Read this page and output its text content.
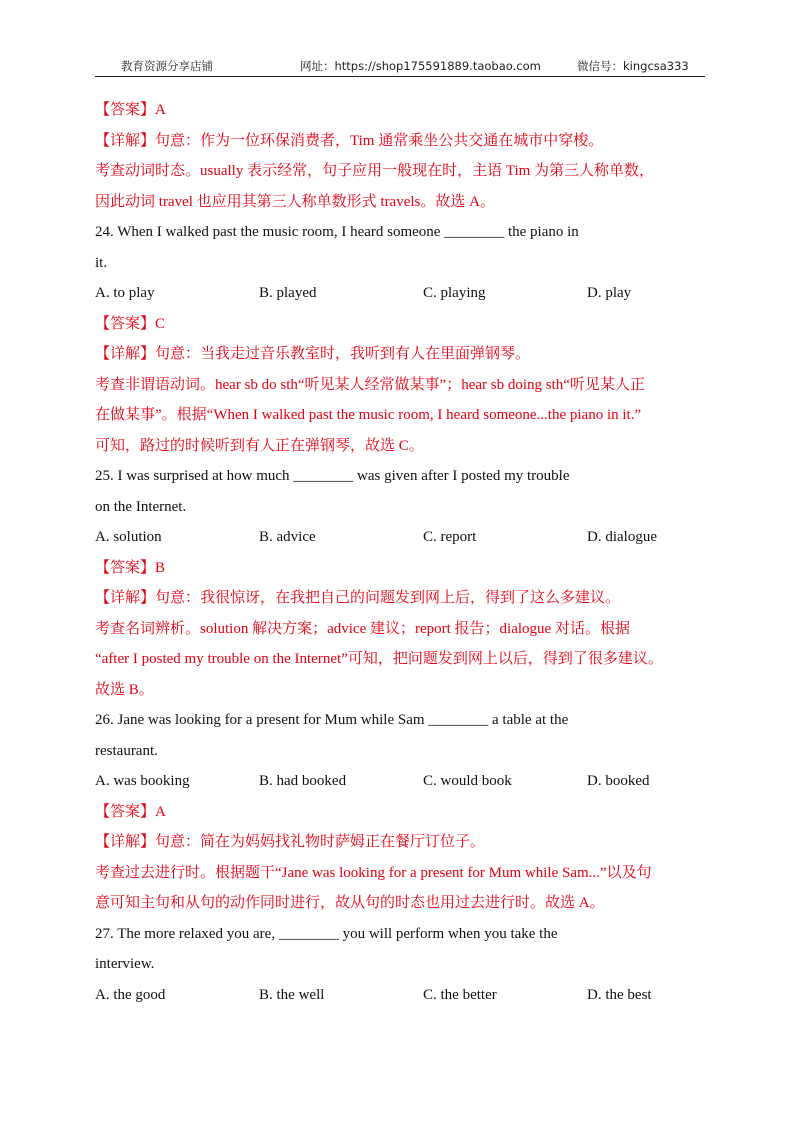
教育资源分享店铺	网址：https://shop175591889.taobao.com	微信号：kingcsa333
【答案】A
【详解】句意：作为一位环保消费者，Tim 通常乘坐公共交通在城市中穿梭。
考查动词时态。usually 表示经常，句子应用一般现在时，主语 Tim 为第三人称单数，
因此动词 travel 也应用其第三人称单数形式 travels。故选 A。
24. When I walked past the music room, I heard someone ________ the piano in
it.
A. to play	B. played	C. playing	D. play
【答案】C
【详解】句意：当我走过音乐教室时，我听到有人在里面弹钢琴。
考查非谓语动词。hear sb do sth“听见某人经常做某事”；hear sb doing sth“听见某人正
在做某事”。根据“When I walked past the music room, I heard someone...the piano in it.”
可知，路过的时候听到有人正在弹钢琴，故选 C。
25. I was surprised at how much ________ was given after I posted my trouble
on the Internet.
A. solution	B. advice	C. report	D. dialogue
【答案】B
【详解】句意：我很惊讶，在我把自己的问题发到网上后，得到了这么多建议。
考查名词辨析。solution 解决方案；advice 建议；report 报告；dialogue 对话。根据
“after I posted my trouble on the Internet”可知，把问题发到网上以后，得到了很多建议。
故选 B。
26. Jane was looking for a present for Mum while Sam ________ a table at the
restaurant.
A. was booking	B. had booked	C. would book	D. booked
【答案】A
【详解】句意：简在为妈妈找礼物时萨姆正在餐厅订位子。
考查过去进行时。根据题干“Jane was looking for a present for Mum while Sam...”以及句
意可知主句和从句的动作同时进行，故从句的时态也用过去进行时。故选 A。
27. The more relaxed you are, ________ you will perform when you take the
interview.
A. the good	B. the well	C. the better	D. the best
